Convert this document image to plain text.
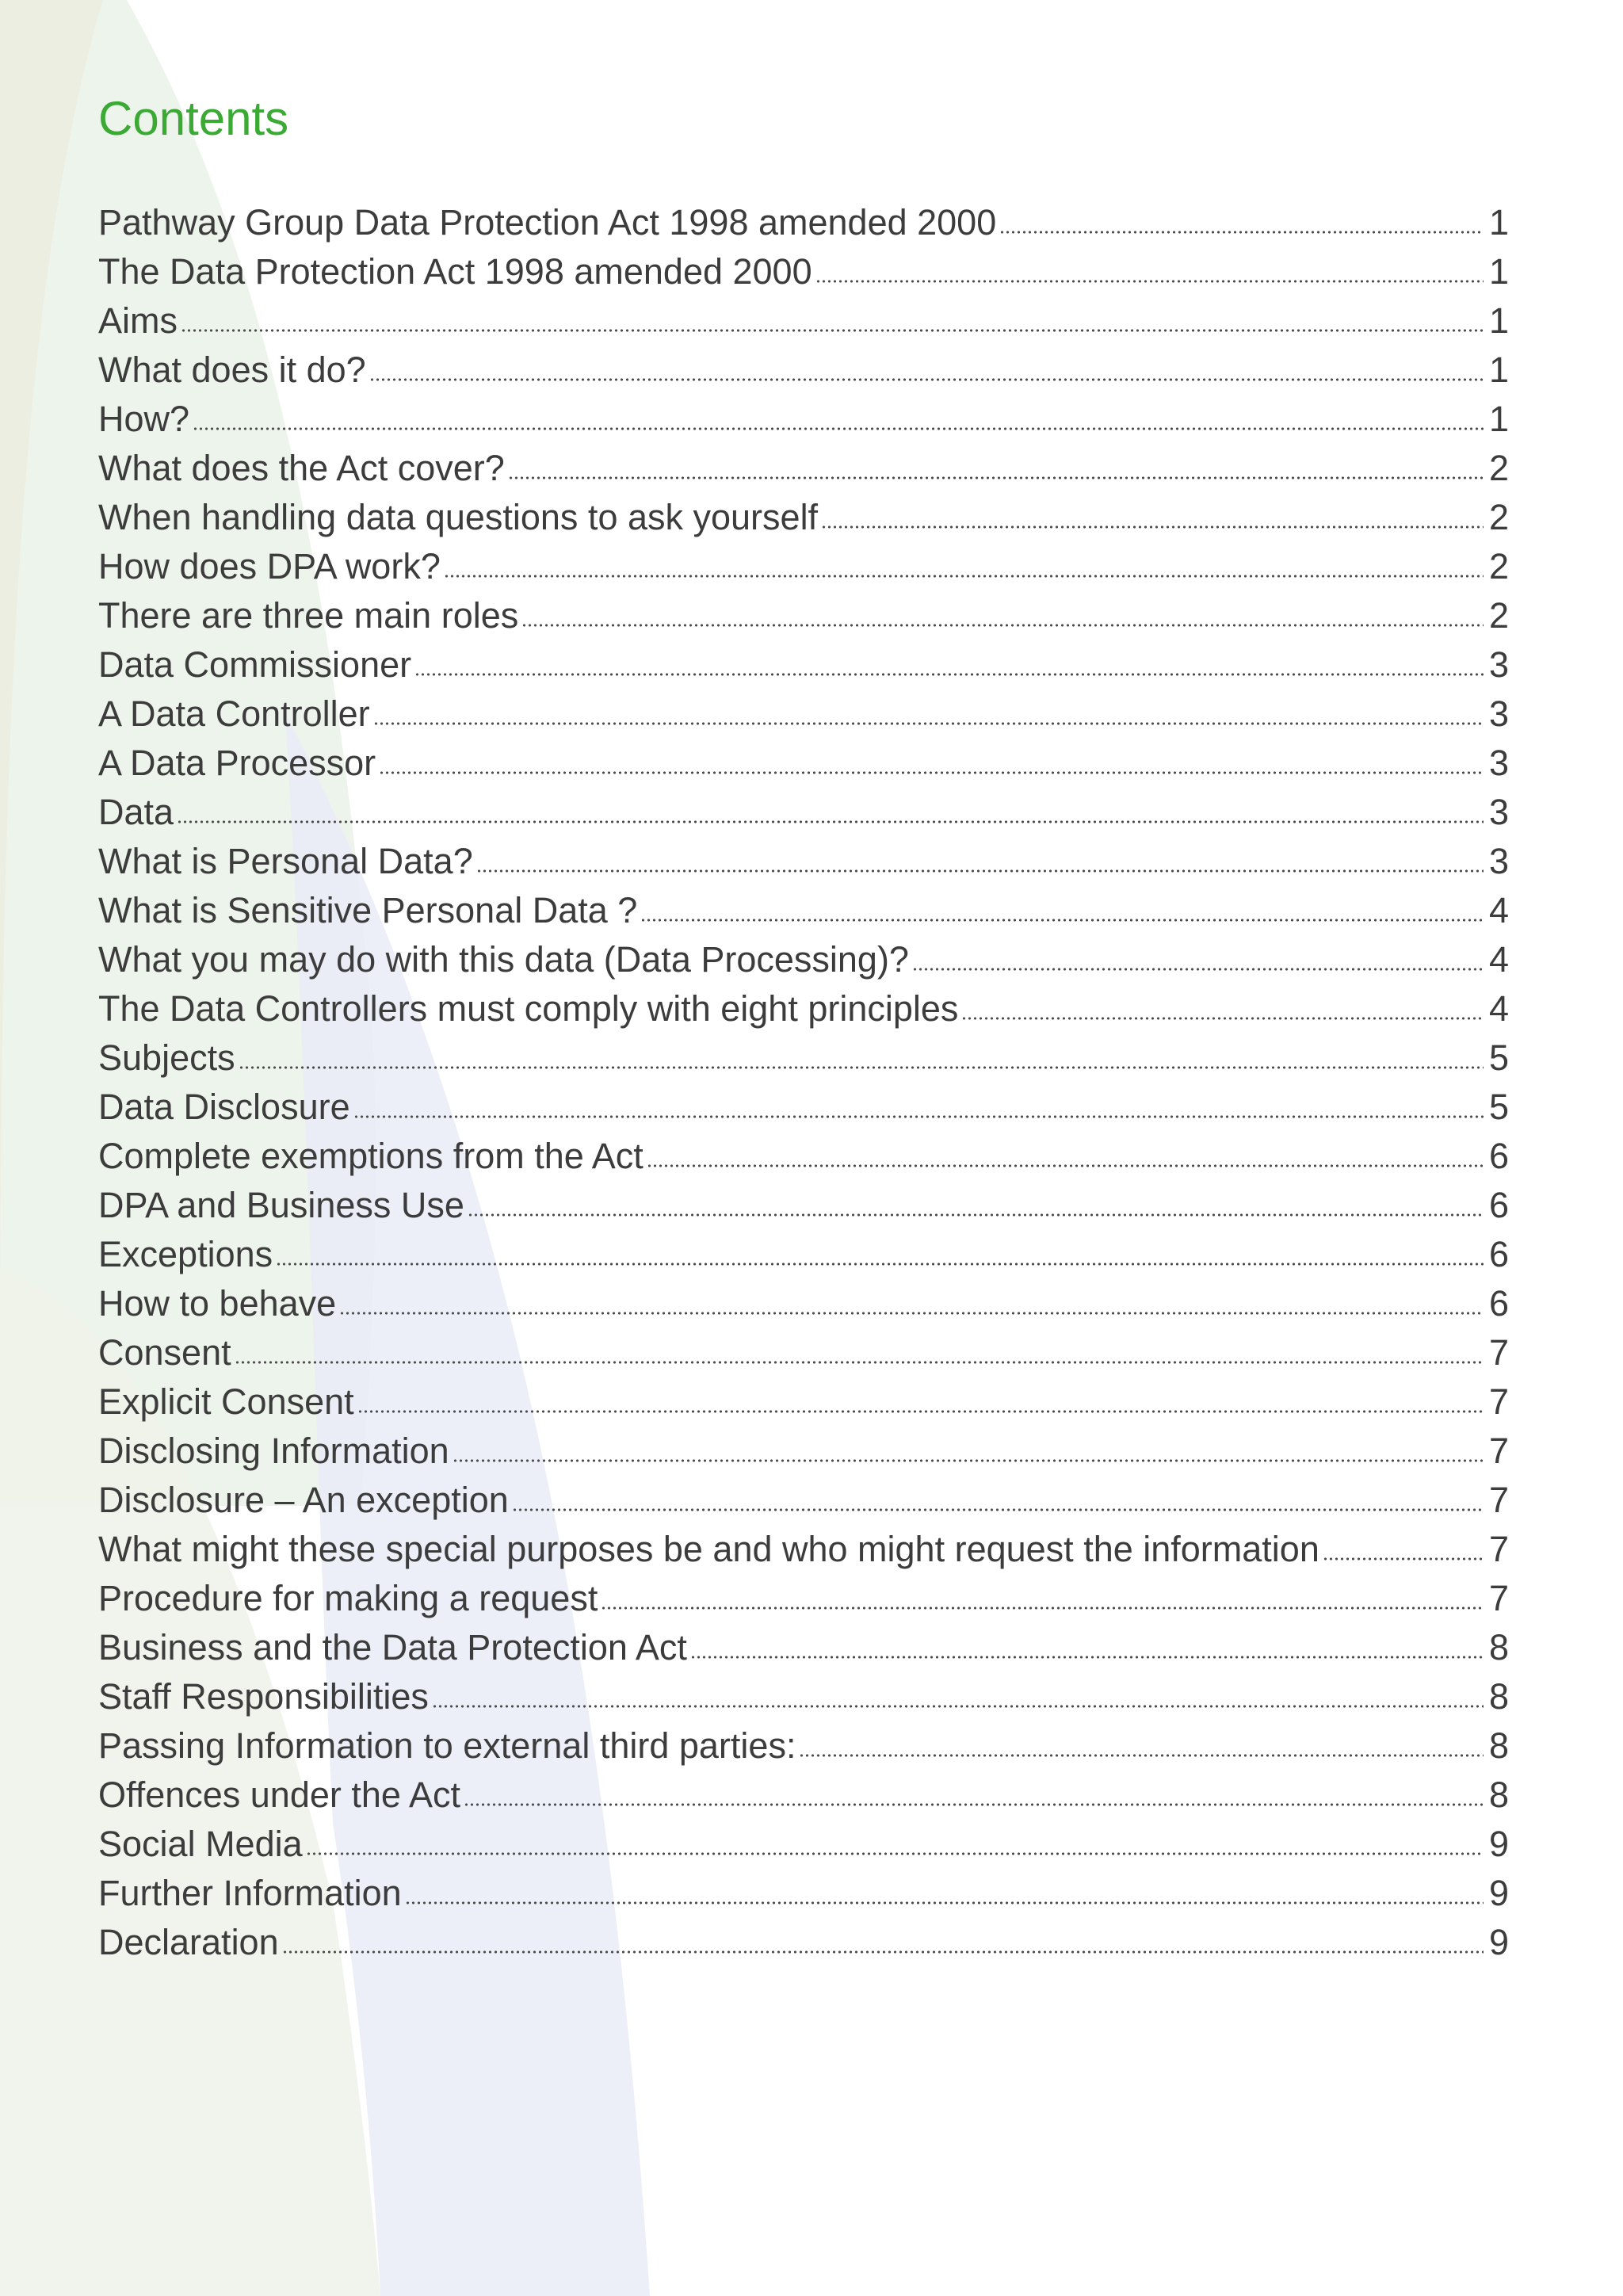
Contents
Pathway Group Data Protection Act 1998 amended 2000	1
The Data Protection Act 1998 amended 2000	1
Aims	1
What does it do?	1
How?	1
What does the Act cover?	2
When handling data questions to ask yourself	2
How does DPA work?	2
There are three main roles	2
Data Commissioner	3
A Data Controller	3
A Data Processor	3
Data	3
What is Personal Data?	3
What is Sensitive Personal Data ?	4
What you may do with this data (Data Processing)?	4
The Data Controllers must comply with eight principles	4
Subjects	5
Data Disclosure	5
Complete exemptions from the Act	6
DPA and Business Use	6
Exceptions	6
How to behave	6
Consent	7
Explicit Consent	7
Disclosing Information	7
Disclosure – An exception	7
What might these special purposes be and who might request the information	7
Procedure for making a request	7
Business and the Data Protection Act	8
Staff Responsibilities	8
Passing Information to external third parties:	8
Offences under the Act	8
Social Media	9
Further Information	9
Declaration	9
